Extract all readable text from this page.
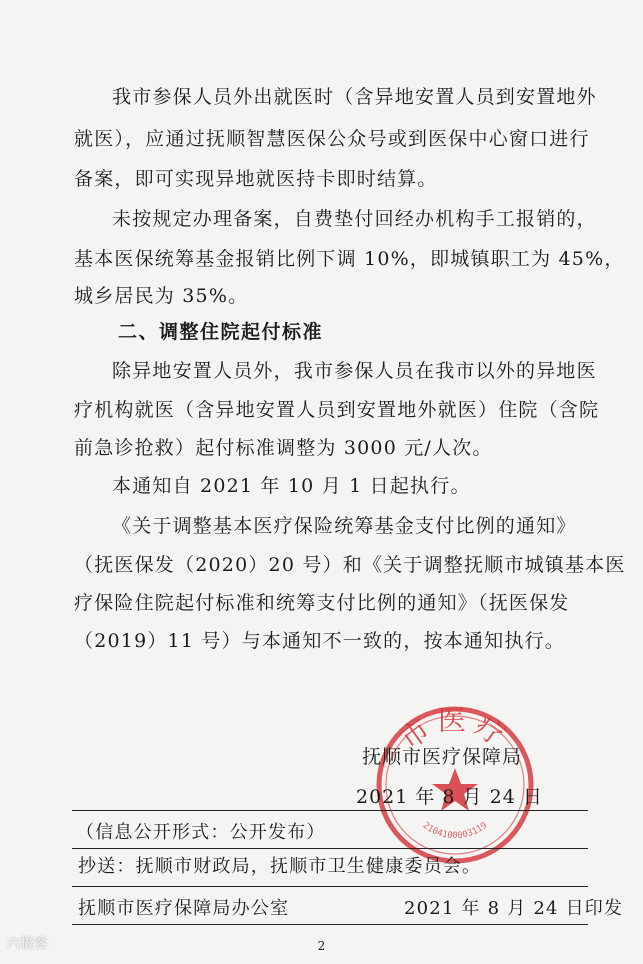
我市参保人员外出就医时（含异地安置人员到安置地外
就医），应通过抚顺智慧医保公众号或到医保中心窗口进行
备案，即可实现异地就医持卡即时结算。
未按规定办理备案，自费垫付回经办机构手工报销的，
基本医保统筹基金报销比例下调 10%，即城镇职工为 45%，
城乡居民为 35%。
二、调整住院起付标准
除异地安置人员外，我市参保人员在我市以外的异地医
疗机构就医（含异地安置人员到安置地外就医）住院（含院
前急诊抢救）起付标准调整为 3000 元/人次。
本通知自 2021 年 10 月 1 日起执行。
《关于调整基本医疗保险统筹基金支付比例的通知》
（抚医保发（2020）20 号）和《关于调整抚顺市城镇基本医
疗保险住院起付标准和统筹支付比例的通知》（抚医保发
（2019）11 号）与本通知不一致的，按本通知执行。
市医疗
2104100003119
抚顺市医疗保障局
2021 年 8 月 24 日
（信息公开形式：公开发布）
抄送：抚顺市财政局，抚顺市卫生健康委员会。
抚顺市医疗保障局办公室	2021 年 8 月 24 日印发
2
六极客
